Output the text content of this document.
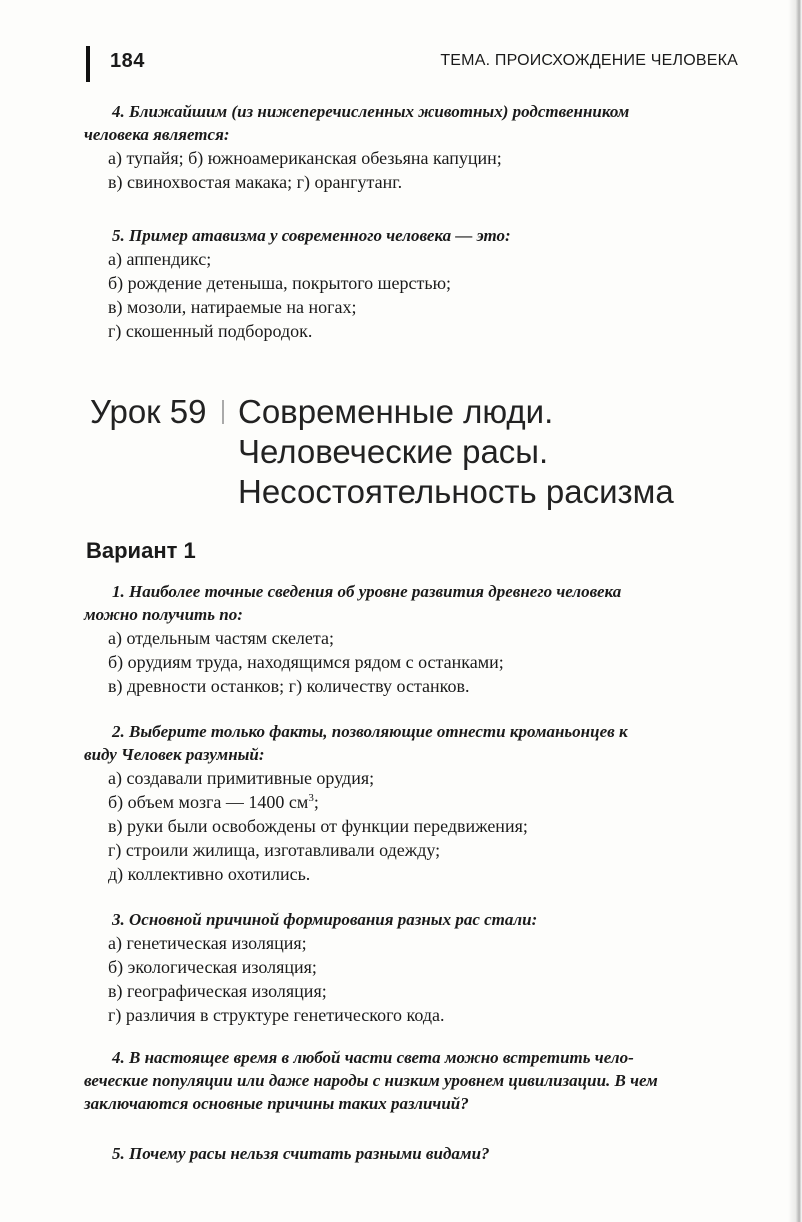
184	ТЕМА. ПРОИСХОЖДЕНИЕ ЧЕЛОВЕКА

4. Ближайшим (из нижеперечисленных животных) родственником

человека является:

а) тупайя; б) южноамериканская обезьяна капуцин;

в) свинохвостая макака; г) орангутанг.

5. Пример атавизма у современного человека — это:

а) аппендикс;

б) рождение детеныша, покрытого шерстью;

в) мозоли, натираемые на ногах;

г) скошенный подбородок.

Урок 59 Современные люди.
Человеческие расы.
Несостоятельность расизма
Вариант 1

1. Наиболее точные сведения об уровне развития древнего человека

можно получить по:

а) отдельным частям скелета;

б) орудиям труда, находящимся рядом с останками;

в) древности останков; г) количеству останков.

2. Выберите только факты, позволяющие отнести кроманьонцев к

виду Человек разумный:

а) создавали примитивные орудия;

б) объем мозга — 1400 $см^3$;

в) руки были освобождены от функции передвижения;

г) строили жилища, изготавливали одежду;

д) коллективно охотились.

3. Основной причиной формирования разных рас стали:

а) генетическая изоляция;

б) экологическая изоляция;

в) географическая изоляция;

г) различия в структуре генетического кода.

4. В настоящее время в любой части света можно встретить чело-

веческие популяции или даже народы с низким уровнем цивилизации. В чем

заключаются основные причины таких различий?

5. Почему расы нельзя считать разными видами?
